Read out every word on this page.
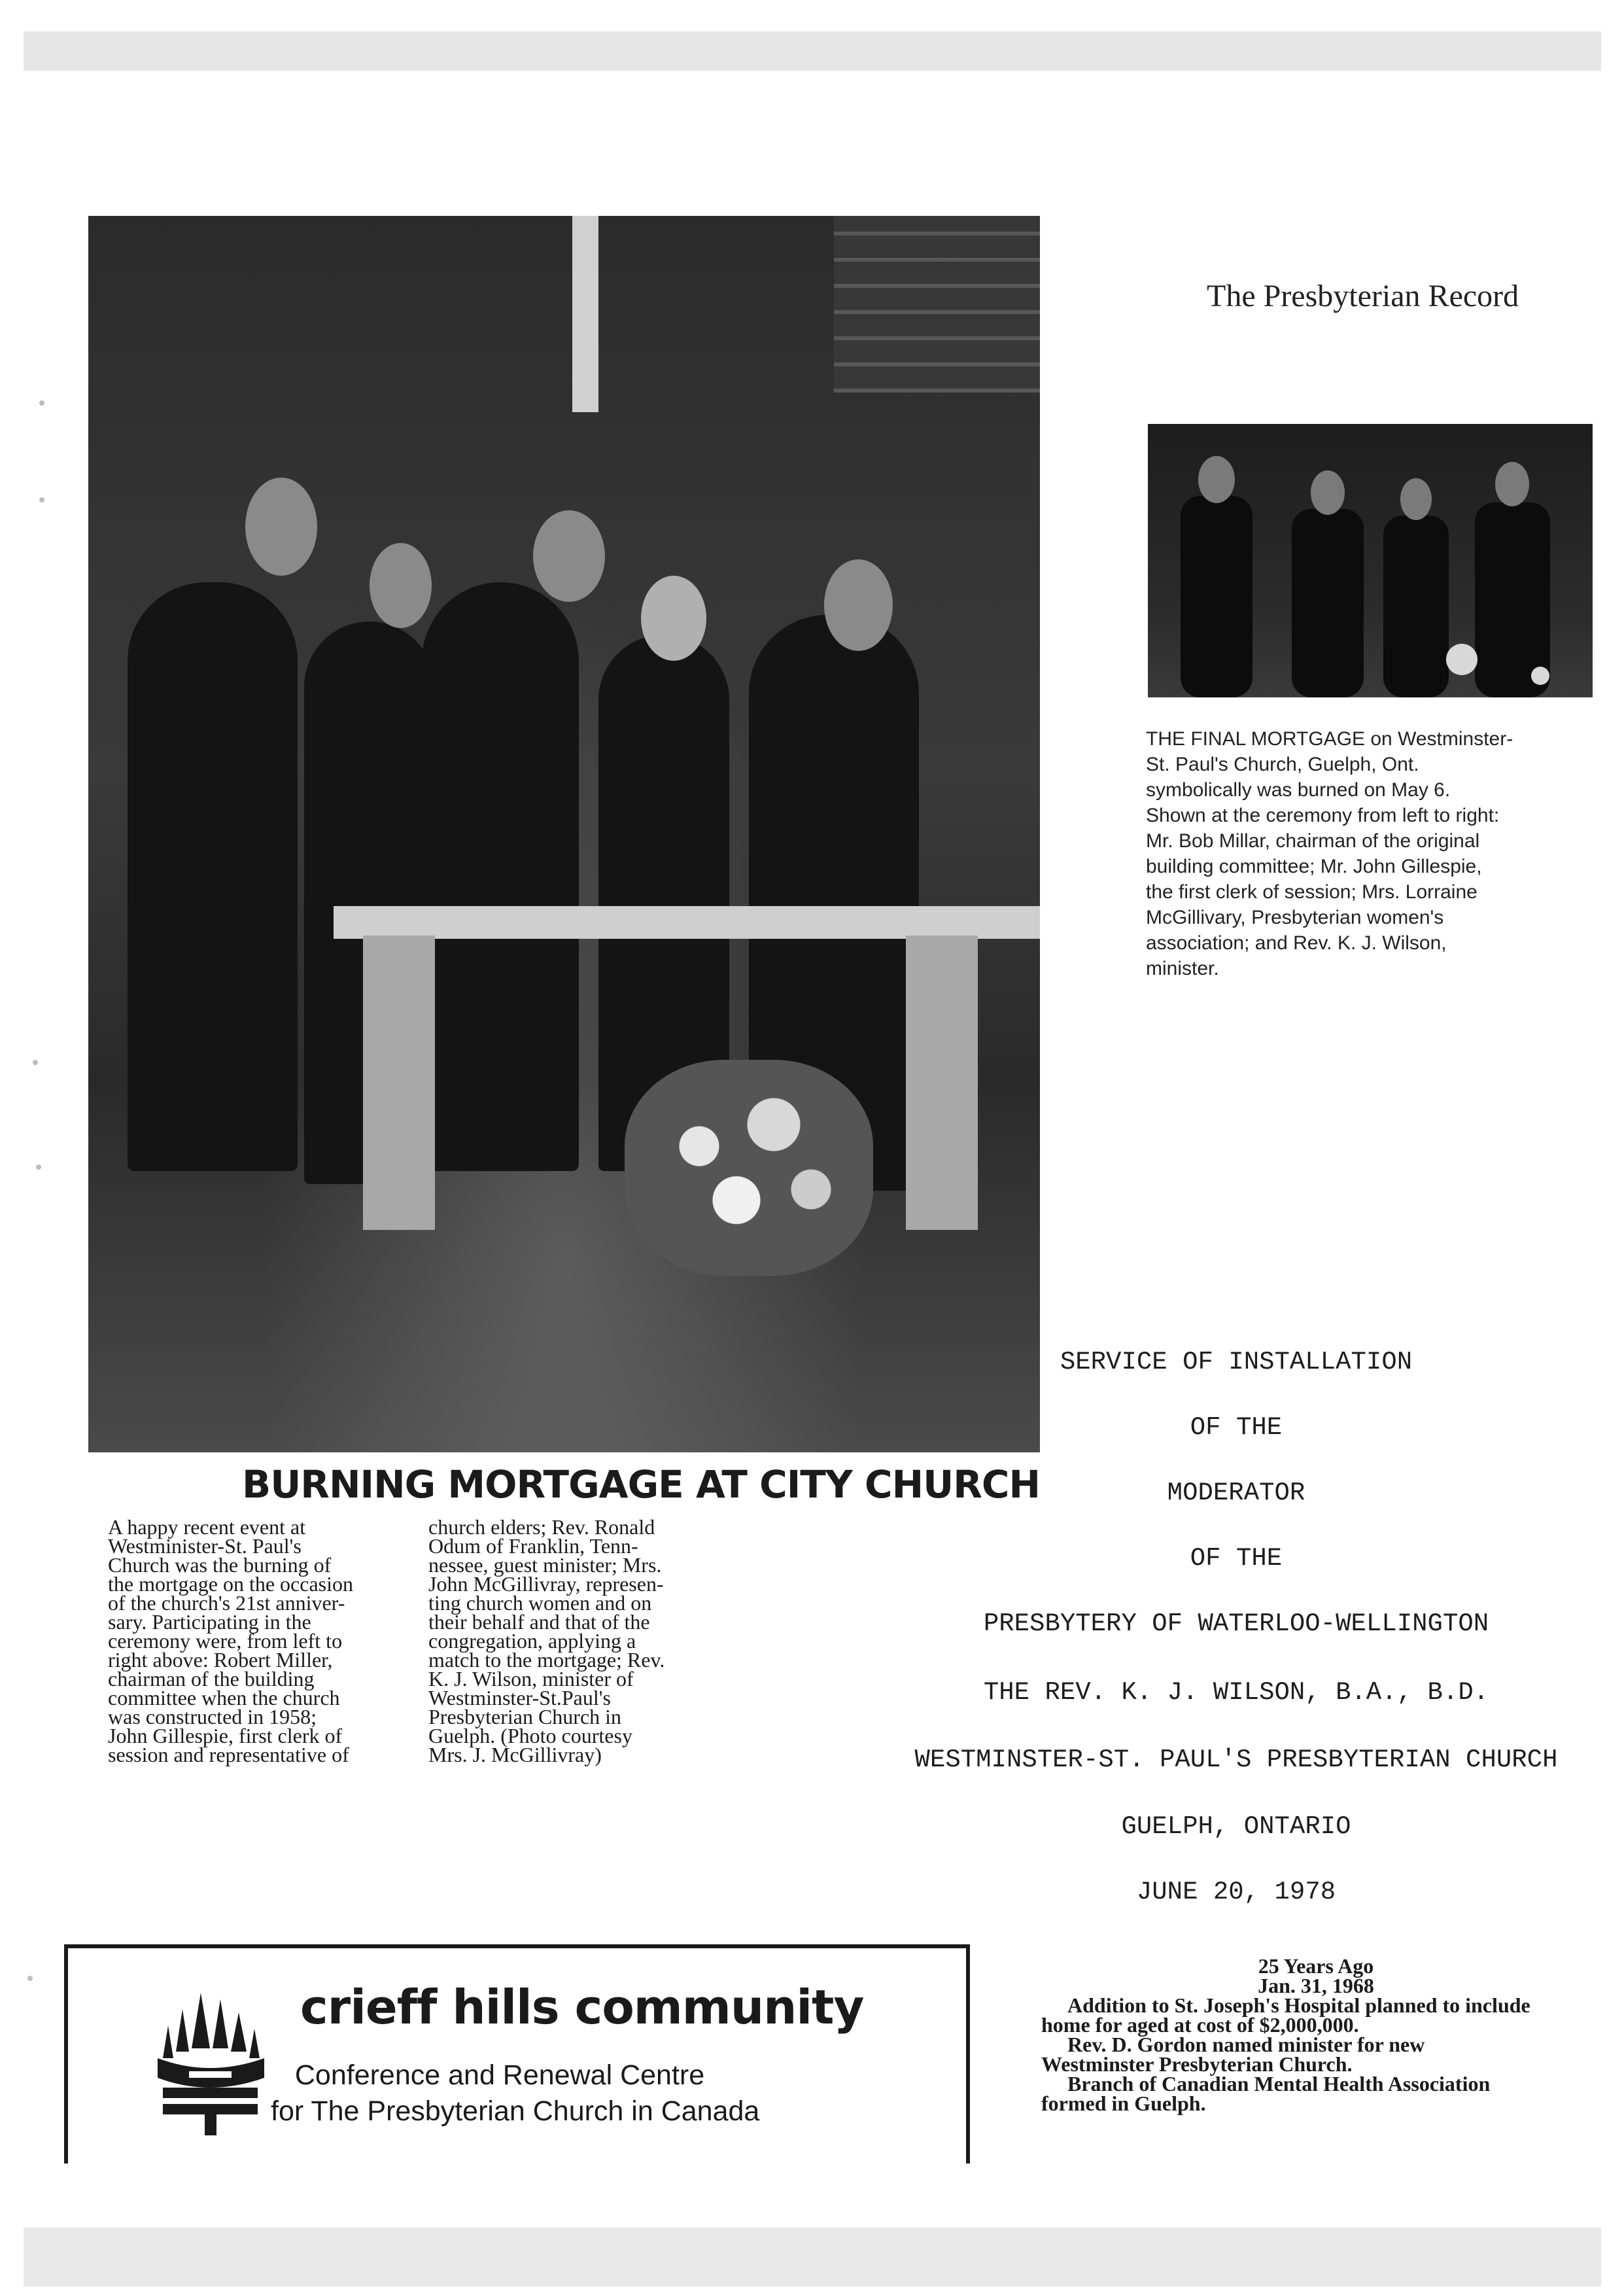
The Presbyterian Record
THE FINAL MORTGAGE on Westminster-
St. Paul's Church, Guelph, Ont.
symbolically was burned on May 6.
Shown at the ceremony from left to right:
Mr. Bob Millar, chairman of the original
building committee; Mr. John Gillespie,
the first clerk of session; Mrs. Lorraine
McGillivary, Presbyterian women's
association; and Rev. K. J. Wilson,
minister.
BURNING MORTGAGE AT CITY CHURCH
A happy recent event at
Westminister-St. Paul's
Church was the burning of
the mortgage on the occasion
of the church's 21st anniver-
sary. Participating in the
ceremony were, from left to
right above: Robert Miller,
chairman of the building
committee when the church
was constructed in 1958;
John Gillespie, first clerk of
session and representative of
church elders; Rev. Ronald
Odum of Franklin, Tenn-
nessee, guest minister; Mrs.
John McGillivray, represen-
ting church women and on
their behalf and that of the
congregation, applying a
match to the mortgage; Rev.
K. J. Wilson, minister of
Westminster-St.Paul's
Presbyterian Church in
Guelph. (Photo courtesy
Mrs. J. McGillivray)
SERVICE OF INSTALLATION
OF THE
MODERATOR
OF THE
PRESBYTERY OF WATERLOO-WELLINGTON
THE REV. K. J. WILSON, B.A., B.D.
WESTMINSTER-ST. PAUL'S PRESBYTERIAN CHURCH
GUELPH, ONTARIO
JUNE 20, 1978
crieff hills community
Conference and Renewal Centre
for The Presbyterian Church in Canada
25 Years Ago
Jan. 31, 1968
Addition to St. Joseph's Hospital planned to include
home for aged at cost of $2,000,000.
Rev. D. Gordon named minister for new
Westminster Presbyterian Church.
Branch of Canadian Mental Health Association
formed in Guelph.
